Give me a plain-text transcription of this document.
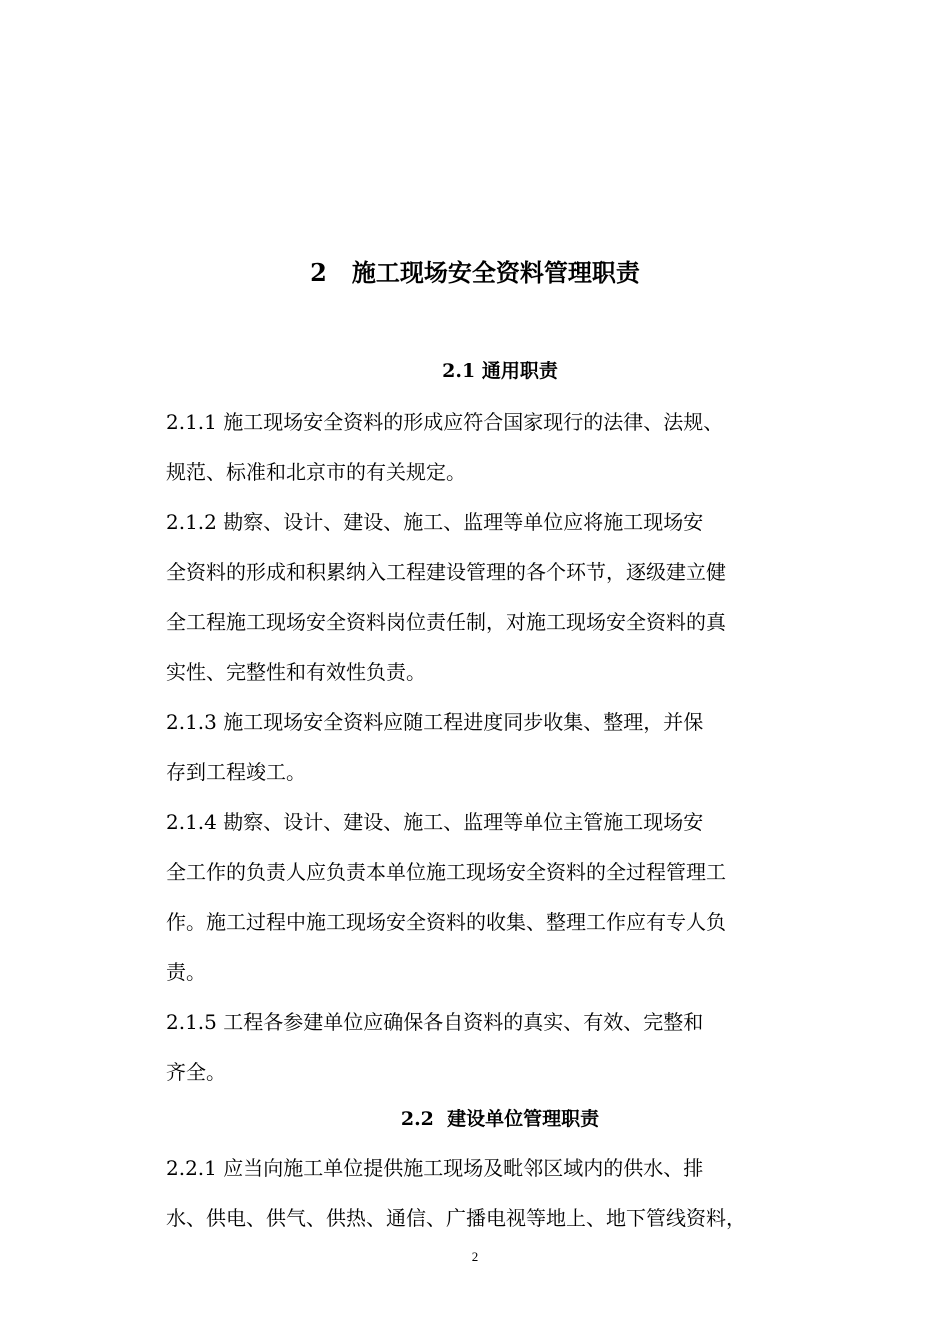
2   施工现场安全资料管理职责
2.1 通用职责
2.1.1 施工现场安全资料的形成应符合国家现行的法律、法规、
规范、标准和北京市的有关规定。
2.1.2 勘察、设计、建设、施工、监理等单位应将施工现场安
全资料的形成和积累纳入工程建设管理的各个环节，逐级建立健
全工程施工现场安全资料岗位责任制，对施工现场安全资料的真
实性、完整性和有效性负责。
2.1.3 施工现场安全资料应随工程进度同步收集、整理，并保
存到工程竣工。
2.1.4 勘察、设计、建设、施工、监理等单位主管施工现场安
全工作的负责人应负责本单位施工现场安全资料的全过程管理工
作。施工过程中施工现场安全资料的收集、整理工作应有专人负
责。
2.1.5 工程各参建单位应确保各自资料的真实、有效、完整和
齐全。
2.2  建设单位管理职责
2.2.1 应当向施工单位提供施工现场及毗邻区域内的供水、排
水、供电、供气、供热、通信、广播电视等地上、地下管线资料，
2
